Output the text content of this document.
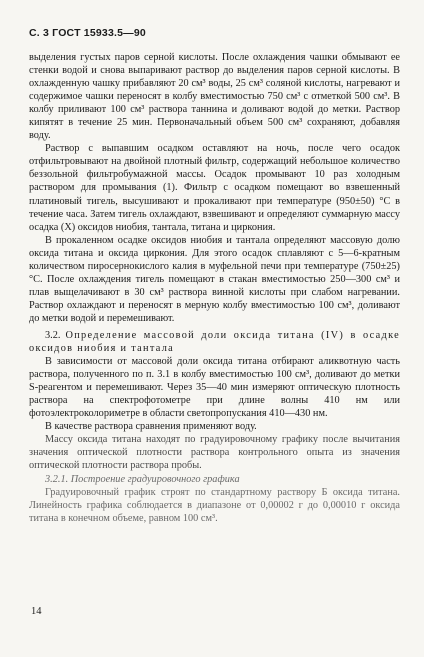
С. 3 ГОСТ 15933.5—90

выделения густых паров серной кислоты. После охлаждения чашки обмывают ее стенки водой и снова выпаривают раствор до выделения паров серной кислоты. В охлажденную чашку прибавляют 20 см³ воды, 25 см³ соляной кислоты, нагревают и содержимое чашки переносят в колбу вместимостью 750 см³ с отметкой 500 см³. В колбу приливают 100 см³ раствора таннина и доливают водой до метки. Раствор кипятят в течение 25 мин. Первоначальный объем 500 см³ сохраняют, добавляя воду.

Раствор с выпавшим осадком оставляют на ночь, после чего осадок отфильтровывают на двойной плотный фильтр, содержащий небольшое количество беззольной фильтробумажной массы. Осадок промывают 10 раз холодным раствором для промывания (1). Фильтр с осадком помещают во взвешенный платиновый тигель, высушивают и прокаливают при температуре (950±50) °С в течение часа. Затем тигель охлаждают, взвешивают и определяют суммарную массу осадка (X) оксидов ниобия, тантала, титана и циркония.

В прокаленном осадке оксидов ниобия и тантала определяют массовую долю оксида титана и оксида циркония. Для этого осадок сплавляют с 5—6-кратным количеством пиросернокислого калия в муфельной печи при температуре (750±25) °С. После охлаждения тигель помещают в стакан вместимостью 250—300 см³ и плав выщелачивают в 30 см³ раствора винной кислоты при слабом нагревании. Раствор охлаждают и переносят в мерную колбу вместимостью 100 см³, доливают до метки водой и перемешивают.

3.2. Определение массовой доли оксида титана (IV) в осадке оксидов ниобия и тантала

В зависимости от массовой доли оксида титана отбирают аликвотную часть раствора, полученного по п. 3.1 в колбу вместимостью 100 см³, доливают до метки S-реагентом и перемешивают. Через 35—40 мин измеряют оптическую плотность раствора на спектрофотометре при длине волны 410 нм или фотоэлектроколориметре в области светопропускания 410—430 нм.

В качестве раствора сравнения применяют воду.

Массу оксида титана находят по градуировочному графику после вычитания значения оптической плотности раствора контрольного опыта из значения оптической плотности раствора пробы.

3.2.1. Построение градуировочного графика

Градуировочный график строят по стандартному раствору Б оксида титана. Линейность графика соблюдается в диапазоне от 0,00002 г до 0,00010 г оксида титана в конечном объеме, равном 100 см³.

14
